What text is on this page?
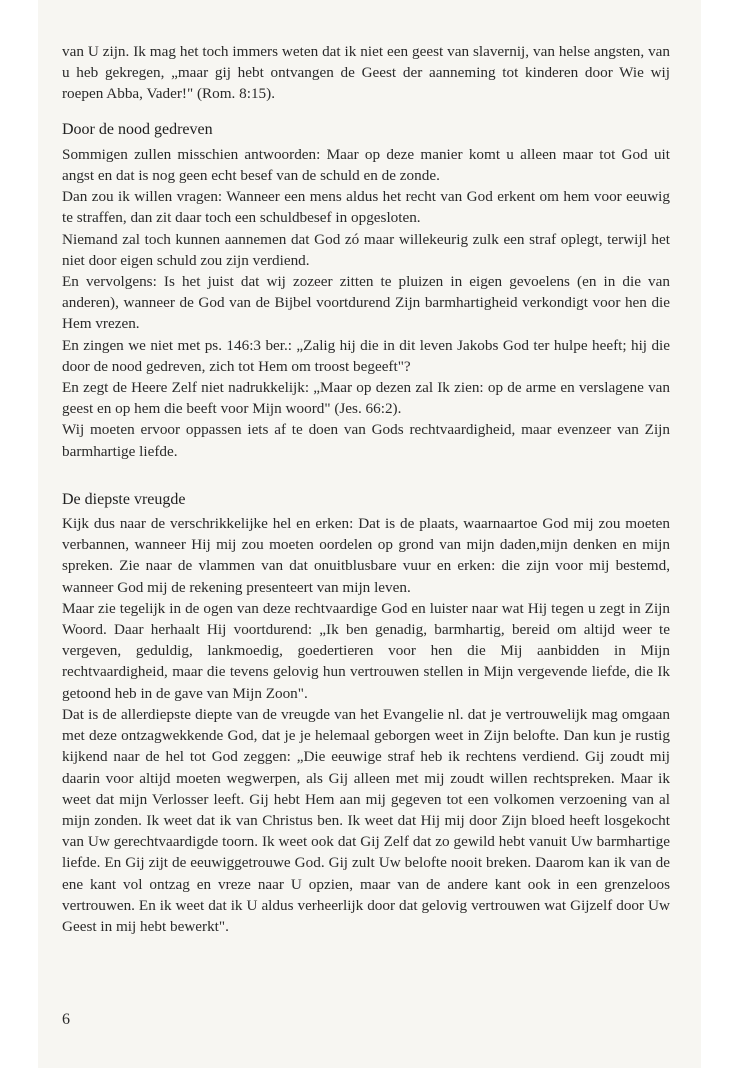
van U zijn. Ik mag het toch immers weten dat ik niet een geest van slavernij, van helse angsten, van u heb gekregen, „maar gij hebt ontvangen de Geest der aanneming tot kinderen door Wie wij roepen Abba, Vader!" (Rom. 8:15).

Door de nood gedreven

Sommigen zullen misschien antwoorden: Maar op deze manier komt u alleen maar tot God uit angst en dat is nog geen echt besef van de schuld en de zonde.

Dan zou ik willen vragen: Wanneer een mens aldus het recht van God erkent om hem voor eeuwig te straffen, dan zit daar toch een schuldbesef in opgesloten.

Niemand zal toch kunnen aannemen dat God zó maar willekeurig zulk een straf oplegt, terwijl het niet door eigen schuld zou zijn verdiend.

En vervolgens: Is het juist dat wij zozeer zitten te pluizen in eigen gevoelens (en in die van anderen), wanneer de God van de Bijbel voortdurend Zijn barmhartigheid verkondigt voor hen die Hem vrezen.

En zingen we niet met ps. 146:3 ber.: „Zalig hij die in dit leven Jakobs God ter hulpe heeft; hij die door de nood gedreven, zich tot Hem om troost begeeft"?

En zegt de Heere Zelf niet nadrukkelijk: „Maar op dezen zal Ik zien: op de arme en verslagene van geest en op hem die beeft voor Mijn woord" (Jes. 66:2).

Wij moeten ervoor oppassen iets af te doen van Gods rechtvaardigheid, maar evenzeer van Zijn barmhartige liefde.

De diepste vreugde

Kijk dus naar de verschrikkelijke hel en erken: Dat is de plaats, waarnaartoe God mij zou moeten verbannen, wanneer Hij mij zou moeten oordelen op grond van mijn daden,mijn denken en mijn spreken. Zie naar de vlammen van dat onuitblusbare vuur en erken: die zijn voor mij bestemd, wanneer God mij de rekening presenteert van mijn leven.

Maar zie tegelijk in de ogen van deze rechtvaardige God en luister naar wat Hij tegen u zegt in Zijn Woord. Daar herhaalt Hij voortdurend: „Ik ben genadig, barmhartig, bereid om altijd weer te vergeven, geduldig, lankmoedig, goedertieren voor hen die Mij aanbidden in Mijn rechtvaardigheid, maar die tevens gelovig hun vertrouwen stellen in Mijn vergevende liefde, die Ik getoond heb in de gave van Mijn Zoon".

Dat is de allerdiepste diepte van de vreugde van het Evangelie nl. dat je vertrouwelijk mag omgaan met deze ontzagwekkende God, dat je je helemaal geborgen weet in Zijn belofte. Dan kun je rustig kijkend naar de hel tot God zeggen: „Die eeuwige straf heb ik rechtens verdiend. Gij zoudt mij daarin voor altijd moeten wegwerpen, als Gij alleen met mij zoudt willen rechtspreken. Maar ik weet dat mijn Verlosser leeft. Gij hebt Hem aan mij gegeven tot een volkomen verzoening van al mijn zonden. Ik weet dat ik van Christus ben. Ik weet dat Hij mij door Zijn bloed heeft losgekocht van Uw gerechtvaardigde toorn. Ik weet ook dat Gij Zelf dat zo gewild hebt vanuit Uw barmhartige liefde. En Gij zijt de eeuwiggetrouwe God. Gij zult Uw belofte nooit breken. Daarom kan ik van de ene kant vol ontzag en vreze naar U opzien, maar van de andere kant ook in een grenzeloos vertrouwen. En ik weet dat ik U aldus verheerlijk door dat gelovig vertrouwen wat Gijzelf door Uw Geest in mij hebt bewerkt".

6
